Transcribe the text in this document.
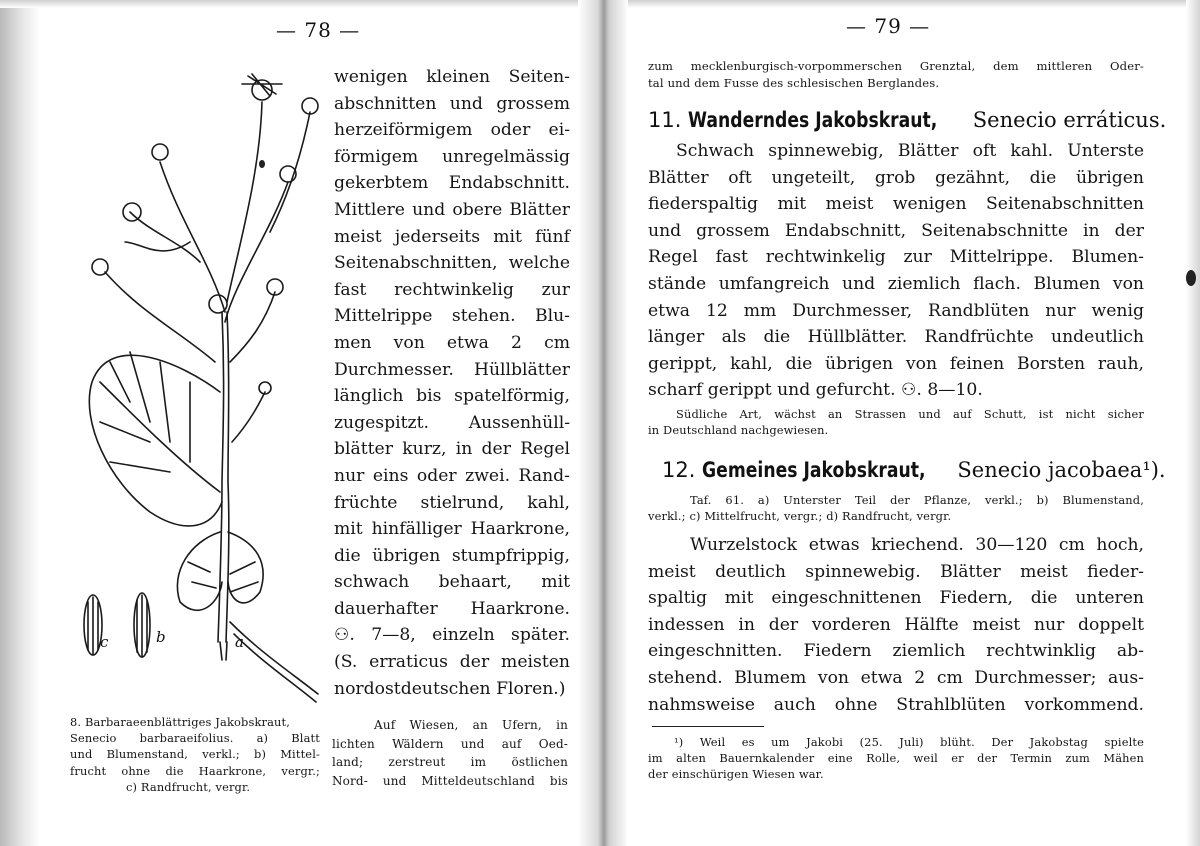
— 78 —
c	b	a
wenigen kleinen Seiten-
abschnitten und grossem
herzeiförmigem oder ei-
förmigem unregelmässig
gekerbtem Endabschnitt.
Mittlere und obere Blätter
meist jederseits mit fünf
Seitenabschnitten, welche
fast rechtwinkelig zur
Mittelrippe stehen. Blu-
men von etwa 2 cm
Durchmesser. Hüllblätter
länglich bis spatelförmig,
zugespitzt. Aussenhüll-
blätter kurz, in der Regel
nur eins oder zwei. Rand-
früchte stielrund, kahl,
mit hinfälliger Haarkrone,
die übrigen stumpfrippig,
schwach behaart, mit
dauerhafter Haarkrone.
⚇. 7—8, einzeln später.
(S. erraticus der meisten
nordostdeutschen Floren.)
8. Barbaraeenblättriges Jakobskraut,
Senecio barbaraeifolius. a) Blatt
und Blumenstand, verkl.; b) Mittel-
frucht ohne die Haarkrone, vergr.;
c) Randfrucht, vergr.
Auf Wiesen, an Ufern, in
lichten Wäldern und auf Oed-
land; zerstreut im östlichen
Nord- und Mitteldeutschland bis
— 79 —
zum mecklenburgisch-vorpommerschen Grenztal, dem mittleren Oder-
tal und dem Fusse des schlesischen Berglandes.
11. Wanderndes Jakobskraut, Senecio erráticus.
Schwach spinnewebig, Blätter oft kahl. Unterste
Blätter oft ungeteilt, grob gezähnt, die übrigen
fiederspaltig mit meist wenigen Seitenabschnitten
und grossem Endabschnitt, Seitenabschnitte in der
Regel fast rechtwinkelig zur Mittelrippe. Blumen-
stände umfangreich und ziemlich flach. Blumen von
etwa 12 mm Durchmesser, Randblüten nur wenig
länger als die Hüllblätter. Randfrüchte undeutlich
gerippt, kahl, die übrigen von feinen Borsten rauh,
scharf gerippt und gefurcht. ⚇. 8—10.
Südliche Art, wächst an Strassen und auf Schutt, ist nicht sicher
in Deutschland nachgewiesen.
12. Gemeines Jakobskraut, Senecio jacobaea¹).
Taf. 61. a) Unterster Teil der Pflanze, verkl.; b) Blumenstand,
verkl.; c) Mittelfrucht, vergr.; d) Randfrucht, vergr.
Wurzelstock etwas kriechend. 30—120 cm hoch,
meist deutlich spinnewebig. Blätter meist fieder-
spaltig mit eingeschnittenen Fiedern, die unteren
indessen in der vorderen Hälfte meist nur doppelt
eingeschnitten. Fiedern ziemlich rechtwinklig ab-
stehend. Blumem von etwa 2 cm Durchmesser; aus-
nahmsweise auch ohne Strahlblüten vorkommend.
¹) Weil es um Jakobi (25. Juli) blüht. Der Jakobstag spielte
im alten Bauernkalender eine Rolle, weil er der Termin zum Mähen
der einschürigen Wiesen war.
